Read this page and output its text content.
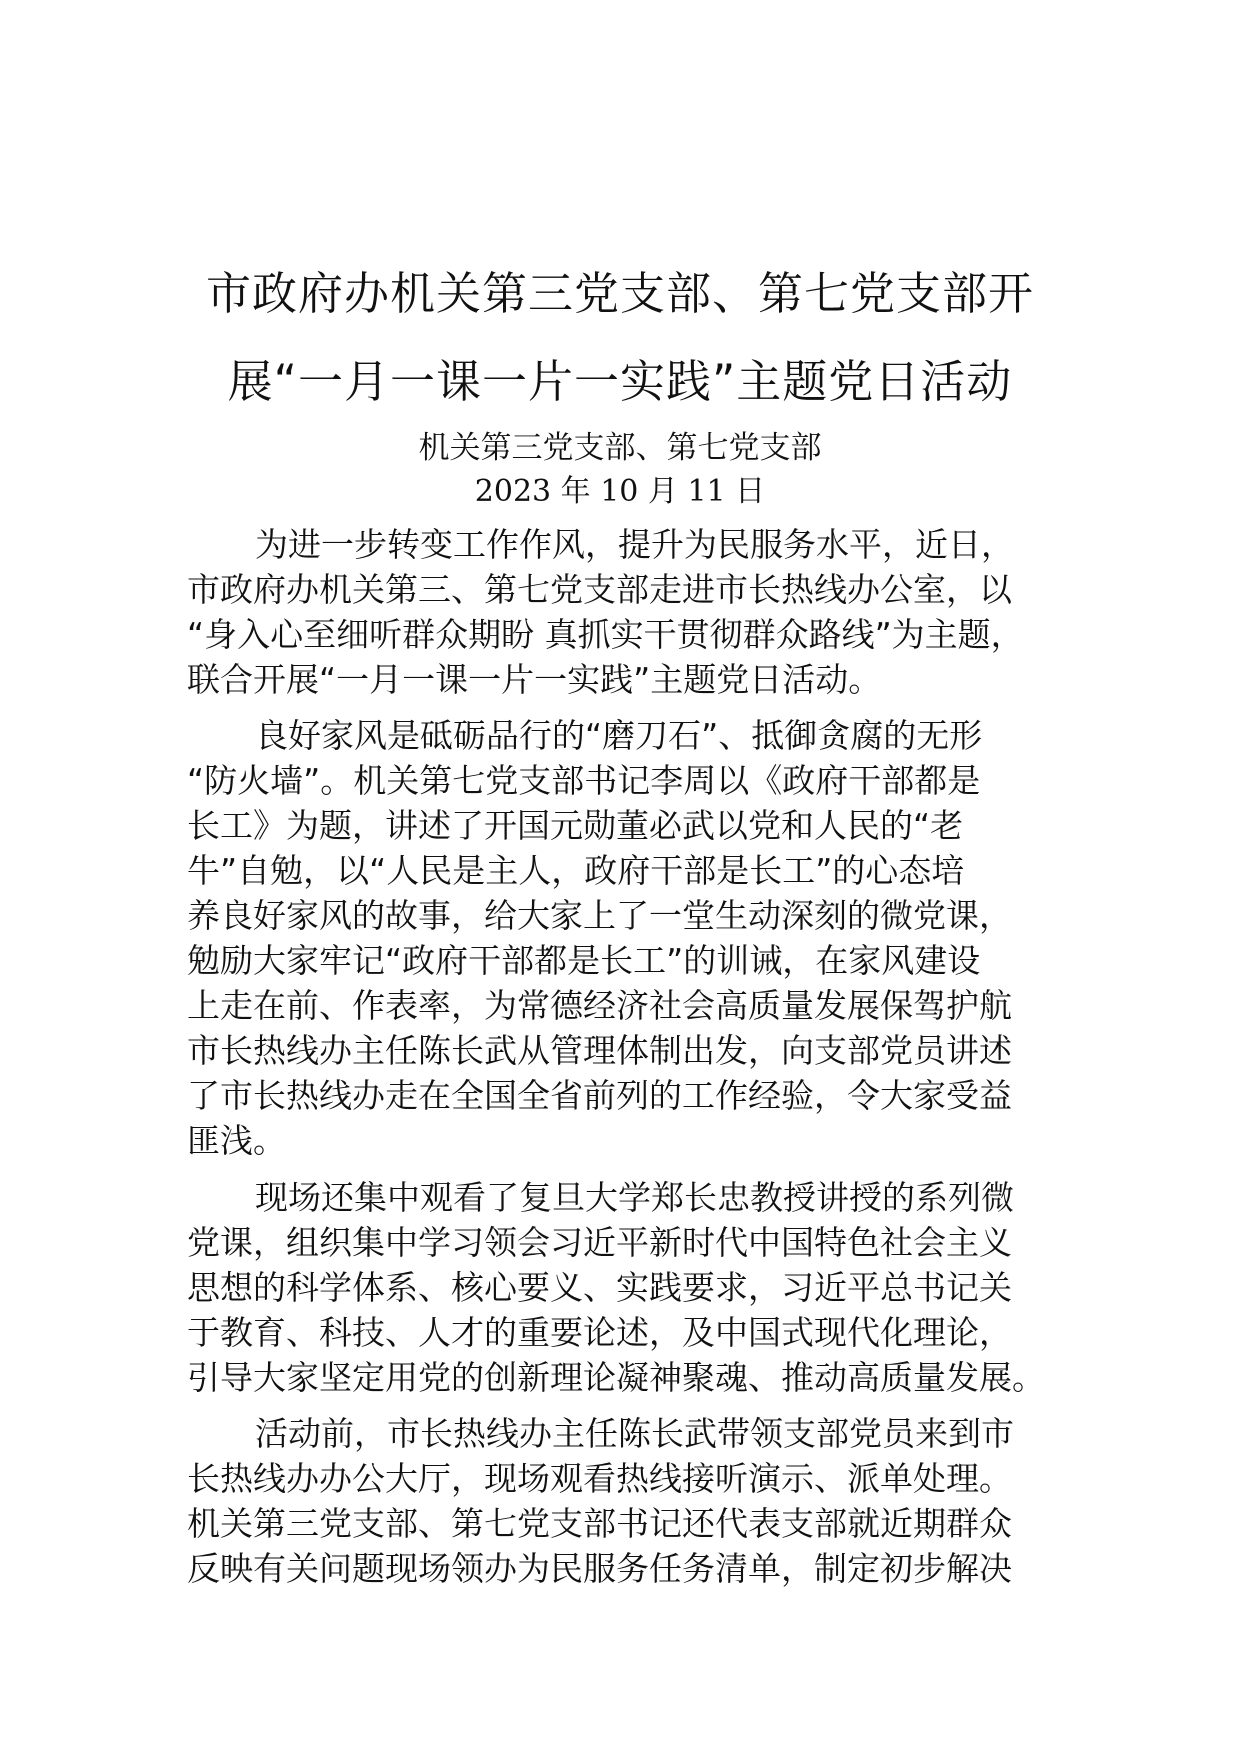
市政府办机关第三党支部、第七党支部开
展“一月一课一片一实践”主题党日活动
机关第三党支部、第七党支部
2023 年 10 月 11 日
为进一步转变工作作风，提升为民服务水平，近日，
市政府办机关第三、第七党支部走进市长热线办公室，以
“身入心至细听群众期盼 真抓实干贯彻群众路线”为主题，
联合开展“一月一课一片一实践”主题党日活动。
良好家风是砥砺品行的“磨刀石”、抵御贪腐的无形
“防火墙”。机关第七党支部书记李周以《政府干部都是
长工》为题，讲述了开国元勋董必武以党和人民的“老
牛”自勉，以“人民是主人，政府干部是长工”的心态培
养良好家风的故事，给大家上了一堂生动深刻的微党课，
勉励大家牢记“政府干部都是长工”的训诫，在家风建设
上走在前、作表率，为常德经济社会高质量发展保驾护航
市长热线办主任陈长武从管理体制出发，向支部党员讲述
了市长热线办走在全国全省前列的工作经验，令大家受益
匪浅。
现场还集中观看了复旦大学郑长忠教授讲授的系列微
党课，组织集中学习领会习近平新时代中国特色社会主义
思想的科学体系、核心要义、实践要求，习近平总书记关
于教育、科技、人才的重要论述，及中国式现代化理论，
引导大家坚定用党的创新理论凝神聚魂、推动高质量发展。
活动前，市长热线办主任陈长武带领支部党员来到市
长热线办办公大厅，现场观看热线接听演示、派单处理。
机关第三党支部、第七党支部书记还代表支部就近期群众
反映有关问题现场领办为民服务任务清单，制定初步解决
